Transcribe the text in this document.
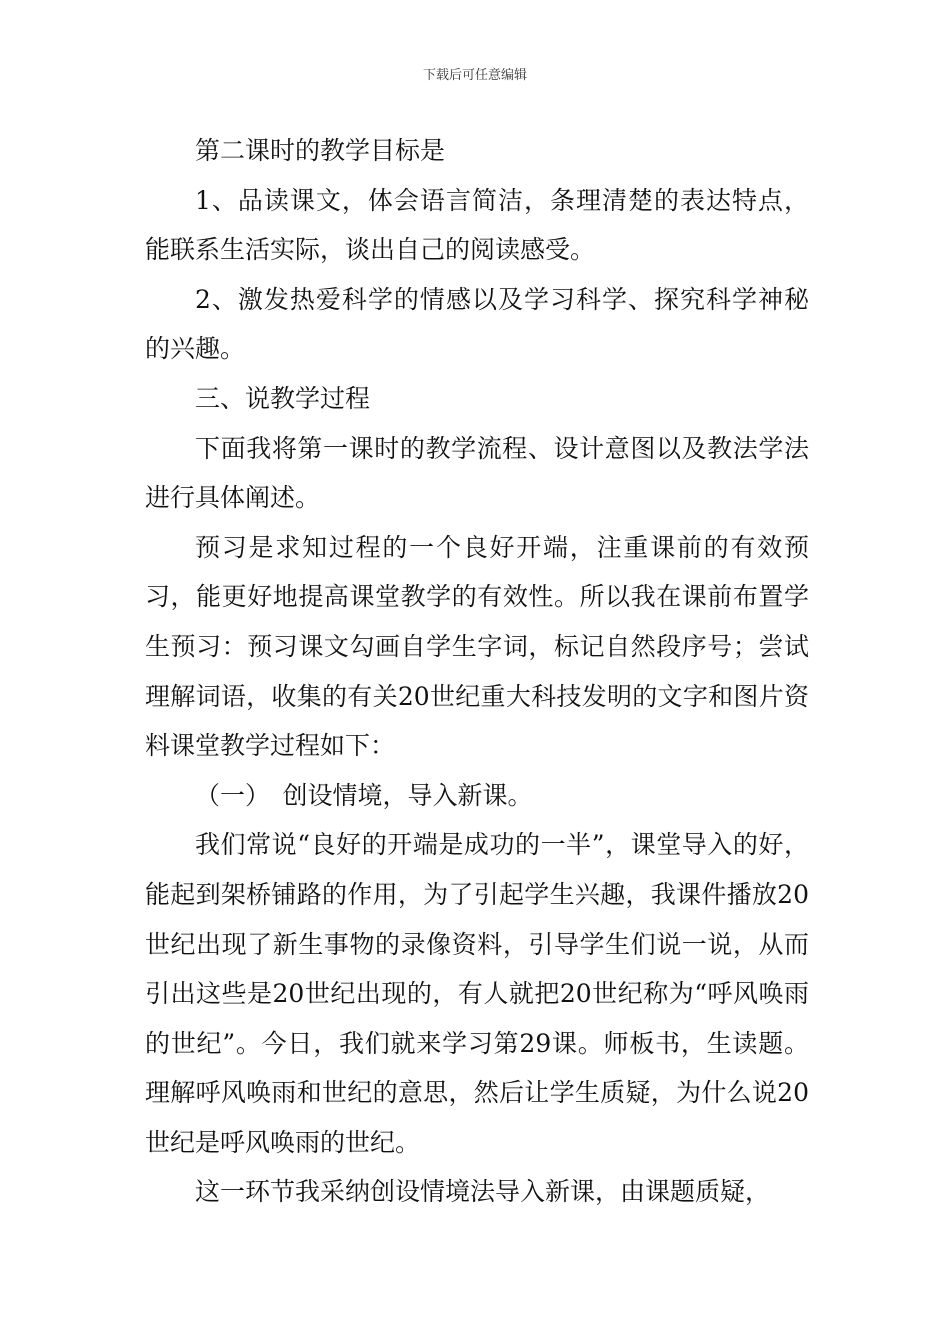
下载后可任意编辑

第二课时的教学目标是

1、品读课文，体会语言简洁，条理清楚的表达特点，能联系生活实际，谈出自己的阅读感受。

2、激发热爱科学的情感以及学习科学、探究科学神秘的兴趣。

三、说教学过程

下面我将第一课时的教学流程、设计意图以及教法学法进行具体阐述。

预习是求知过程的一个良好开端，注重课前的有效预习，能更好地提高课堂教学的有效性。所以我在课前布置学生预习：预习课文勾画自学生字词，标记自然段序号；尝试理解词语，收集的有关20世纪重大科技发明的文字和图片资料课堂教学过程如下：

（一）　创设情境，导入新课。

我们常说“良好的开端是成功的一半”，课堂导入的好，能起到架桥铺路的作用，为了引起学生兴趣，我课件播放20世纪出现了新生事物的录像资料，引导学生们说一说，从而引出这些是20世纪出现的，有人就把20世纪称为“呼风唤雨的世纪”。今日，我们就来学习第29课。师板书，生读题。理解呼风唤雨和世纪的意思，然后让学生质疑，为什么说20世纪是呼风唤雨的世纪。

这一环节我采纳创设情境法导入新课，由课题质疑，
